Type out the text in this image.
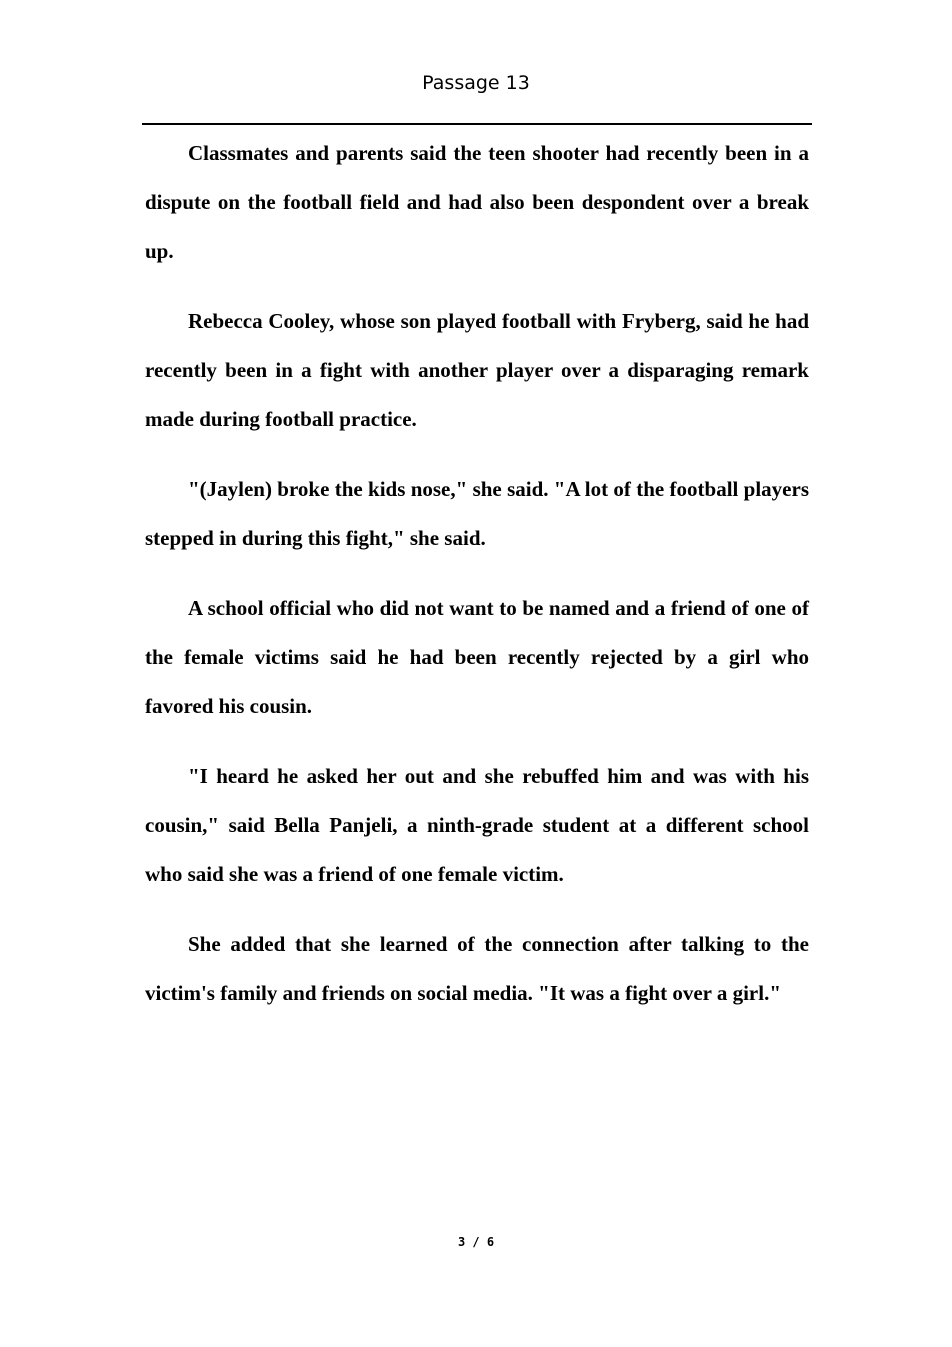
Passage 13

Classmates and parents said the teen shooter had recently been in a dispute on the football field and had also been despondent over a break up.

Rebecca Cooley, whose son played football with Fryberg, said he had recently been in a fight with another player over a disparaging remark made during football practice.

"(Jaylen) broke the kids nose," she said. "A lot of the football players stepped in during this fight," she said.

A school official who did not want to be named and a friend of one of the female victims said he had been recently rejected by a girl who favored his cousin.

"I heard he asked her out and she rebuffed him and was with his cousin," said Bella Panjeli, a ninth-grade student at a different school who said she was a friend of one female victim.

She added that she learned of the connection after talking to the victim's family and friends on social media. "It was a fight over a girl."

3 / 6
